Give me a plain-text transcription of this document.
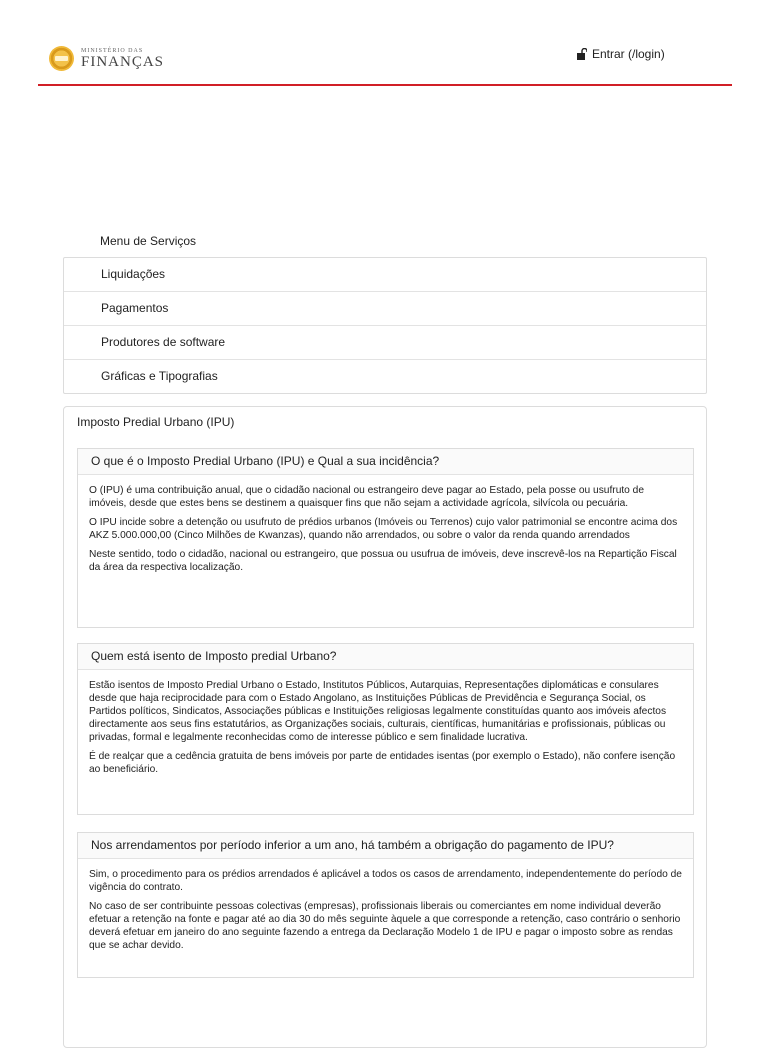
MINISTÉRIO DAS
FINANÇAS	Entrar (/login)
Menu de Serviços
Liquidações
Pagamentos
Produtores de software
Gráficas e Tipografias
Imposto Predial Urbano (IPU)
O que é o Imposto Predial Urbano (IPU) e Qual a sua incidência?

O (IPU) é uma contribuição anual, que o cidadão nacional ou estrangeiro deve pagar ao Estado, pela posse ou usufruto de imóveis, desde que estes bens se destinem a quaisquer fins que não sejam a actividade agrícola, silvícola ou pecuária.

O IPU incide sobre a detenção ou usufruto de prédios urbanos (Imóveis ou Terrenos) cujo valor patrimonial se encontre acima dos AKZ 5.000.000,00 (Cinco Milhões de Kwanzas), quando não arrendados, ou sobre o valor da renda quando arrendados

Neste sentido, todo o cidadão, nacional ou estrangeiro, que possua ou usufrua de imóveis, deve inscrevê-los na Repartição Fiscal da área da respectiva localização.

Quem está isento de Imposto predial Urbano?

Estão isentos de Imposto Predial Urbano o Estado, Institutos Públicos, Autarquias, Representações diplomáticas e consulares desde que haja reciprocidade para com o Estado Angolano, as Instituições Públicas de Previdência e Segurança Social, os Partidos políticos, Sindicatos, Associações públicas e Instituições religiosas legalmente constituídas quanto aos imóveis afectos directamente aos seus fins estatutários, as Organizações sociais, culturais, científicas, humanitárias e profissionais, públicas ou privadas, formal e legalmente reconhecidas como de interesse público e sem finalidade lucrativa.

É de realçar que a cedência gratuita de bens imóveis por parte de entidades isentas (por exemplo o Estado), não confere isenção ao beneficiário.

Nos arrendamentos por período inferior a um ano, há também a obrigação do pagamento de IPU?

Sim, o procedimento para os prédios arrendados é aplicável a todos os casos de arrendamento, independentemente do período de vigência do contrato.

No caso de ser contribuinte pessoas colectivas (empresas), profissionais liberais ou comerciantes em nome individual deverão efetuar a retenção na fonte e pagar até ao dia 30 do mês seguinte àquele a que corresponde a retenção, caso contrário o senhorio deverá efetuar em janeiro do ano seguinte fazendo a entrega da Declaração Modelo 1 de IPU e pagar o imposto sobre as rendas que se achar devido.
